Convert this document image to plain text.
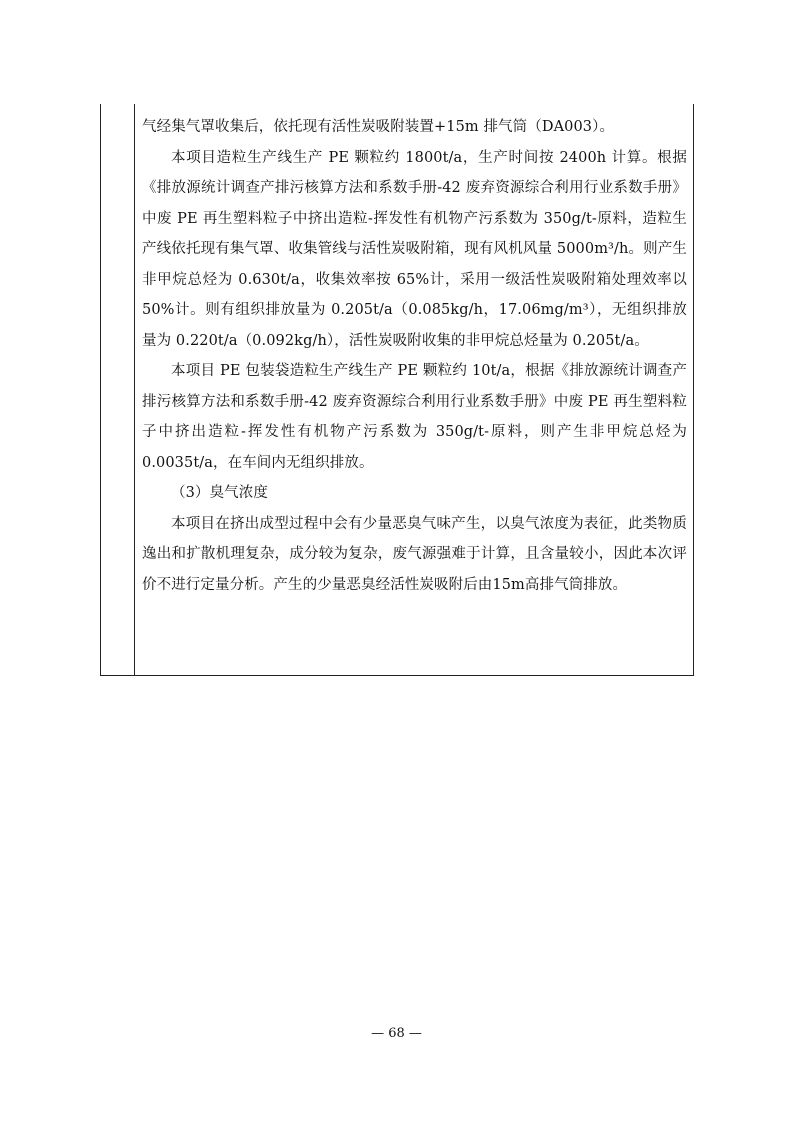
气经集气罩收集后，依托现有活性炭吸附装置+15m 排气筒（DA003）。

本项目造粒生产线生产 PE 颗粒约 1800t/a，生产时间按 2400h 计算。根据《排放源统计调查产排污核算方法和系数手册-42 废弃资源综合利用行业系数手册》中废 PE 再生塑料粒子中挤出造粒-挥发性有机物产污系数为 350g/t-原料，造粒生产线依托现有集气罩、收集管线与活性炭吸附箱，现有风机风量 5000m³/h。则产生非甲烷总烃为 0.630t/a，收集效率按 65%计，采用一级活性炭吸附箱处理效率以 50%计。则有组织排放量为 0.205t/a（0.085kg/h，17.06mg/m³），无组织排放量为 0.220t/a（0.092kg/h），活性炭吸附收集的非甲烷总烃量为 0.205t/a。

本项目 PE 包装袋造粒生产线生产 PE 颗粒约 10t/a，根据《排放源统计调查产排污核算方法和系数手册-42 废弃资源综合利用行业系数手册》中废 PE 再生塑料粒子中挤出造粒-挥发性有机物产污系数为 350g/t-原料，则产生非甲烷总烃为 0.0035t/a，在车间内无组织排放。

（3）臭气浓度

本项目在挤出成型过程中会有少量恶臭气味产生，以臭气浓度为表征，此类物质逸出和扩散机理复杂，成分较为复杂，废气源强难于计算，且含量较小，因此本次评价不进行定量分析。产生的少量恶臭经活性炭吸附后由15m高排气筒排放。

— 68 —
